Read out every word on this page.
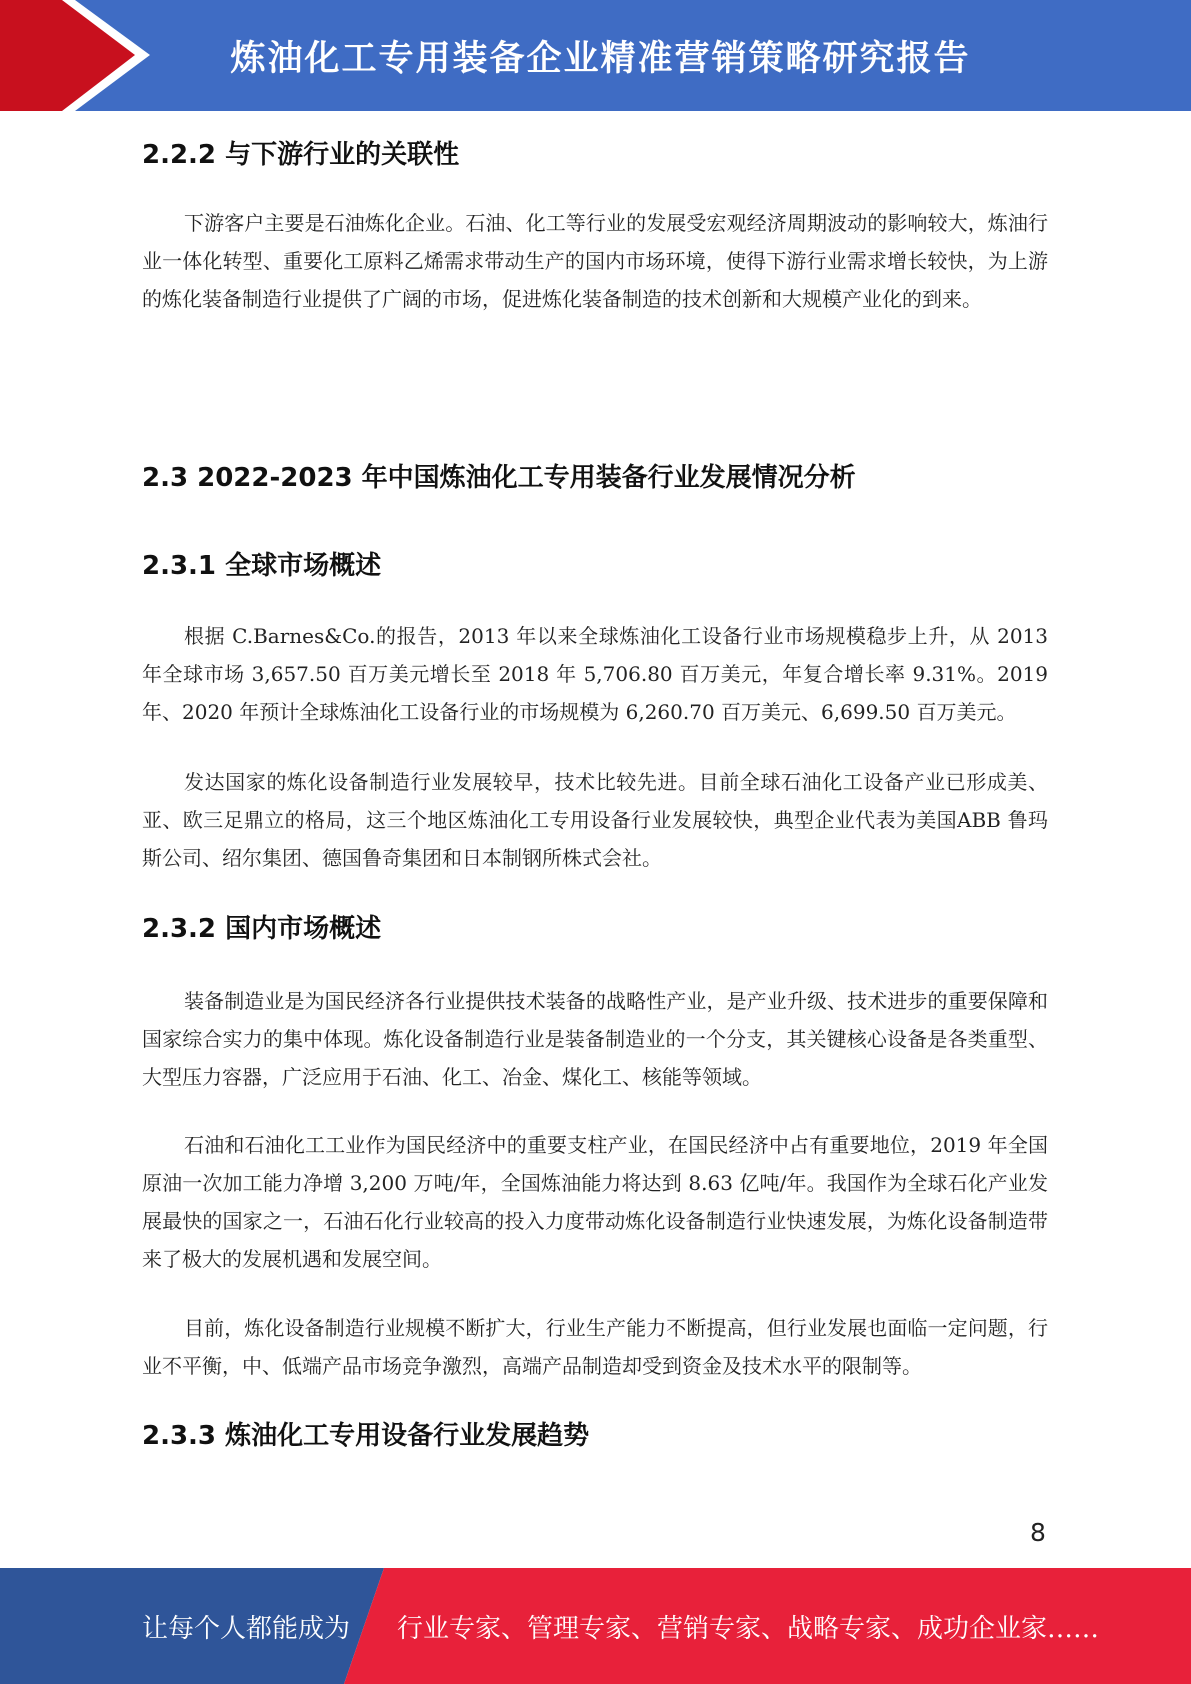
炼油化工专用装备企业精准营销策略研究报告
2.2.2 与下游行业的关联性

下游客户主要是石油炼化企业。石油、化工等行业的发展受宏观经济周期波动的影响较大，炼油行业一体化转型、重要化工原料乙烯需求带动生产的国内市场环境，使得下游行业需求增长较快，为上游的炼化装备制造行业提供了广阔的市场，促进炼化装备制造的技术创新和大规模产业化的到来。

2.3 2022-2023 年中国炼油化工专用装备行业发展情况分析
2.3.1 全球市场概述

根据 C.Barnes&Co.的报告，2013 年以来全球炼油化工设备行业市场规模稳步上升，从 2013 年全球市场 3,657.50 百万美元增长至 2018 年 5,706.80 百万美元，年复合增长率 9.31%。2019 年、2020 年预计全球炼油化工设备行业的市场规模为 6,260.70 百万美元、6,699.50 百万美元。

发达国家的炼化设备制造行业发展较早，技术比较先进。目前全球石油化工设备产业已形成美、亚、欧三足鼎立的格局，这三个地区炼油化工专用设备行业发展较快，典型企业代表为美国ABB 鲁玛斯公司、绍尔集团、德国鲁奇集团和日本制钢所株式会社。

2.3.2 国内市场概述

装备制造业是为国民经济各行业提供技术装备的战略性产业，是产业升级、技术进步的重要保障和国家综合实力的集中体现。炼化设备制造行业是装备制造业的一个分支，其关键核心设备是各类重型、大型压力容器，广泛应用于石油、化工、冶金、煤化工、核能等领域。

石油和石油化工工业作为国民经济中的重要支柱产业，在国民经济中占有重要地位，2019 年全国原油一次加工能力净增 3,200 万吨/年，全国炼油能力将达到 8.63 亿吨/年。我国作为全球石化产业发展最快的国家之一，石油石化行业较高的投入力度带动炼化设备制造行业快速发展，为炼化设备制造带来了极大的发展机遇和发展空间。

目前，炼化设备制造行业规模不断扩大，行业生产能力不断提高，但行业发展也面临一定问题，行业不平衡，中、低端产品市场竞争激烈，高端产品制造却受到资金及技术水平的限制等。

2.3.3 炼油化工专用设备行业发展趋势
8
让每个人都能成为 行业专家、管理专家、营销专家、战略专家、成功企业家……
